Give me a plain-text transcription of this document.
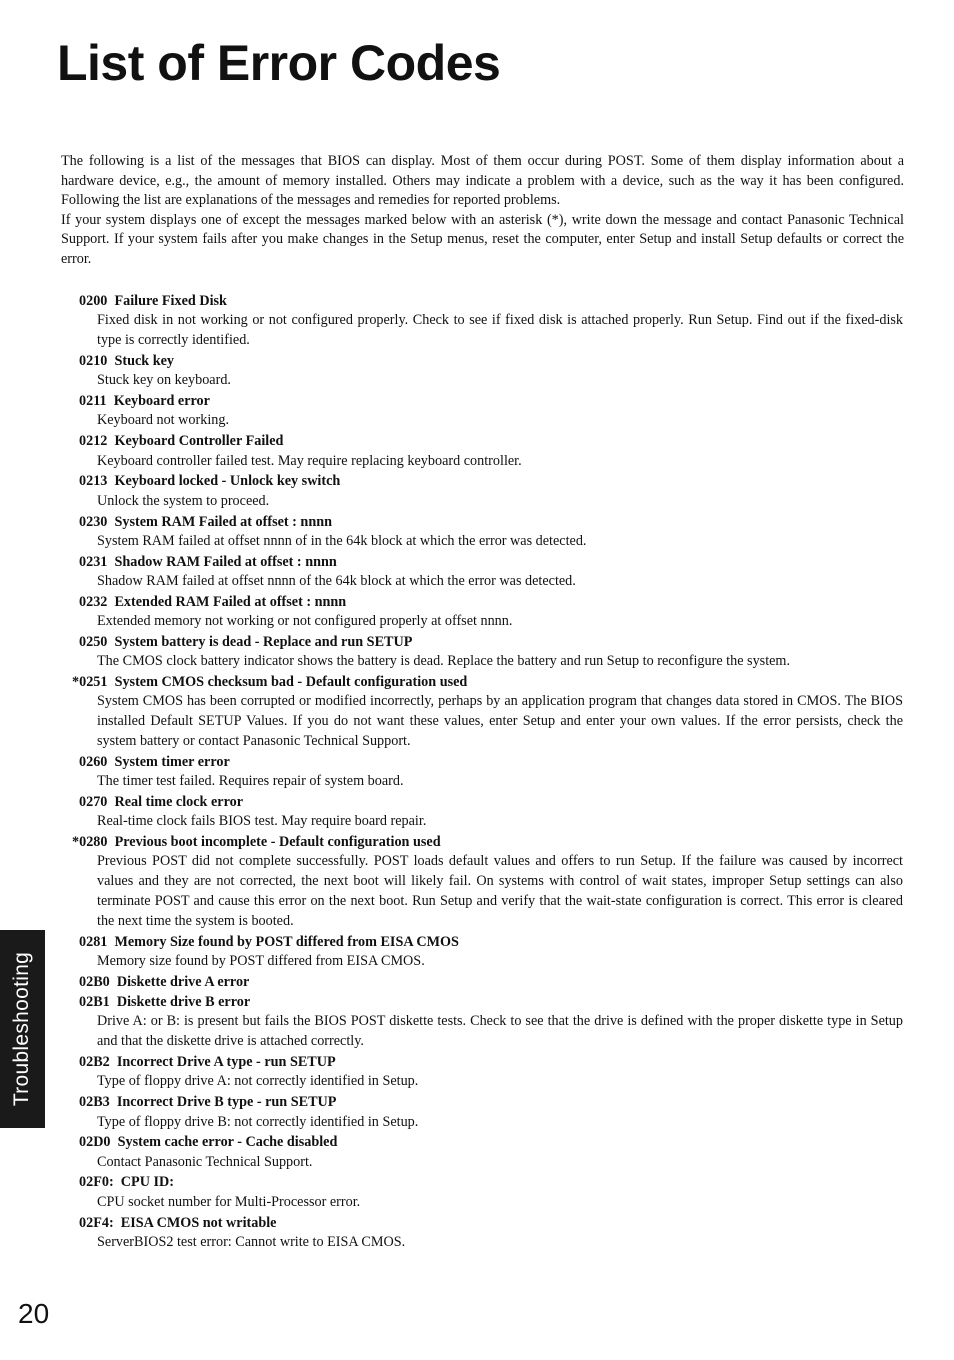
List of Error Codes

The following is a list of the messages that BIOS can display. Most of them occur during POST. Some of them display information about a hardware device, e.g., the amount of memory installed. Others may indicate a problem with a device, such as the way it has been configured. Following the list are explanations of the messages and remedies for reported problems.

If your system displays one of except the messages marked below with an asterisk (*), write down the message and contact Panasonic Technical Support. If your system fails after you make changes in the Setup menus, reset the computer, enter Setup and install Setup defaults or correct the error.

0200 Failure Fixed Disk
Fixed disk in not working or not configured properly. Check to see if fixed disk is attached properly. Run Setup. Find out if the fixed-disk type is correctly identified.
0210 Stuck key
Stuck key on keyboard.
0211 Keyboard error
Keyboard not working.
0212 Keyboard Controller Failed
Keyboard controller failed test. May require replacing keyboard controller.
0213 Keyboard locked - Unlock key switch
Unlock the system to proceed.
0230 System RAM Failed at offset : nnnn
System RAM failed at offset nnnn of in the 64k block at which the error was detected.
0231 Shadow RAM Failed at offset : nnnn
Shadow RAM failed at offset nnnn of the 64k block at which the error was detected.
0232 Extended RAM Failed at offset : nnnn
Extended memory not working or not configured properly at offset nnnn.
0250 System battery is dead - Replace and run SETUP
The CMOS clock battery indicator shows the battery is dead. Replace the battery and run Setup to reconfigure the system.
*0251 System CMOS checksum bad - Default configuration used
System CMOS has been corrupted or modified incorrectly, perhaps by an application program that changes data stored in CMOS. The BIOS installed Default SETUP Values. If you do not want these values, enter Setup and enter your own values. If the error persists, check the system battery or contact Panasonic Technical Support.
0260 System timer error
The timer test failed. Requires repair of system board.
0270 Real time clock error
Real-time clock fails BIOS test. May require board repair.
*0280 Previous boot incomplete - Default configuration used
Previous POST did not complete successfully. POST loads default values and offers to run Setup. If the failure was caused by incorrect values and they are not corrected, the next boot will likely fail. On systems with control of wait states, improper Setup settings can also terminate POST and cause this error on the next boot. Run Setup and verify that the wait-state configuration is correct. This error is cleared the next time the system is booted.
0281 Memory Size found by POST differed from EISA CMOS
Memory size found by POST differed from EISA CMOS.
02B0 Diskette drive A error
02B1 Diskette drive B error
Drive A: or B: is present but fails the BIOS POST diskette tests. Check to see that the drive is defined with the proper diskette type in Setup and that the diskette drive is attached correctly.
02B2 Incorrect Drive A type - run SETUP
Type of floppy drive A: not correctly identified in Setup.
02B3 Incorrect Drive B type - run SETUP
Type of floppy drive B: not correctly identified in Setup.
02D0 System cache error - Cache disabled
Contact Panasonic Technical Support.
02F0: CPU ID:
CPU socket number for Multi-Processor error.
02F4: EISA CMOS not writable
ServerBIOS2 test error: Cannot write to EISA CMOS.
Troubleshooting
20
